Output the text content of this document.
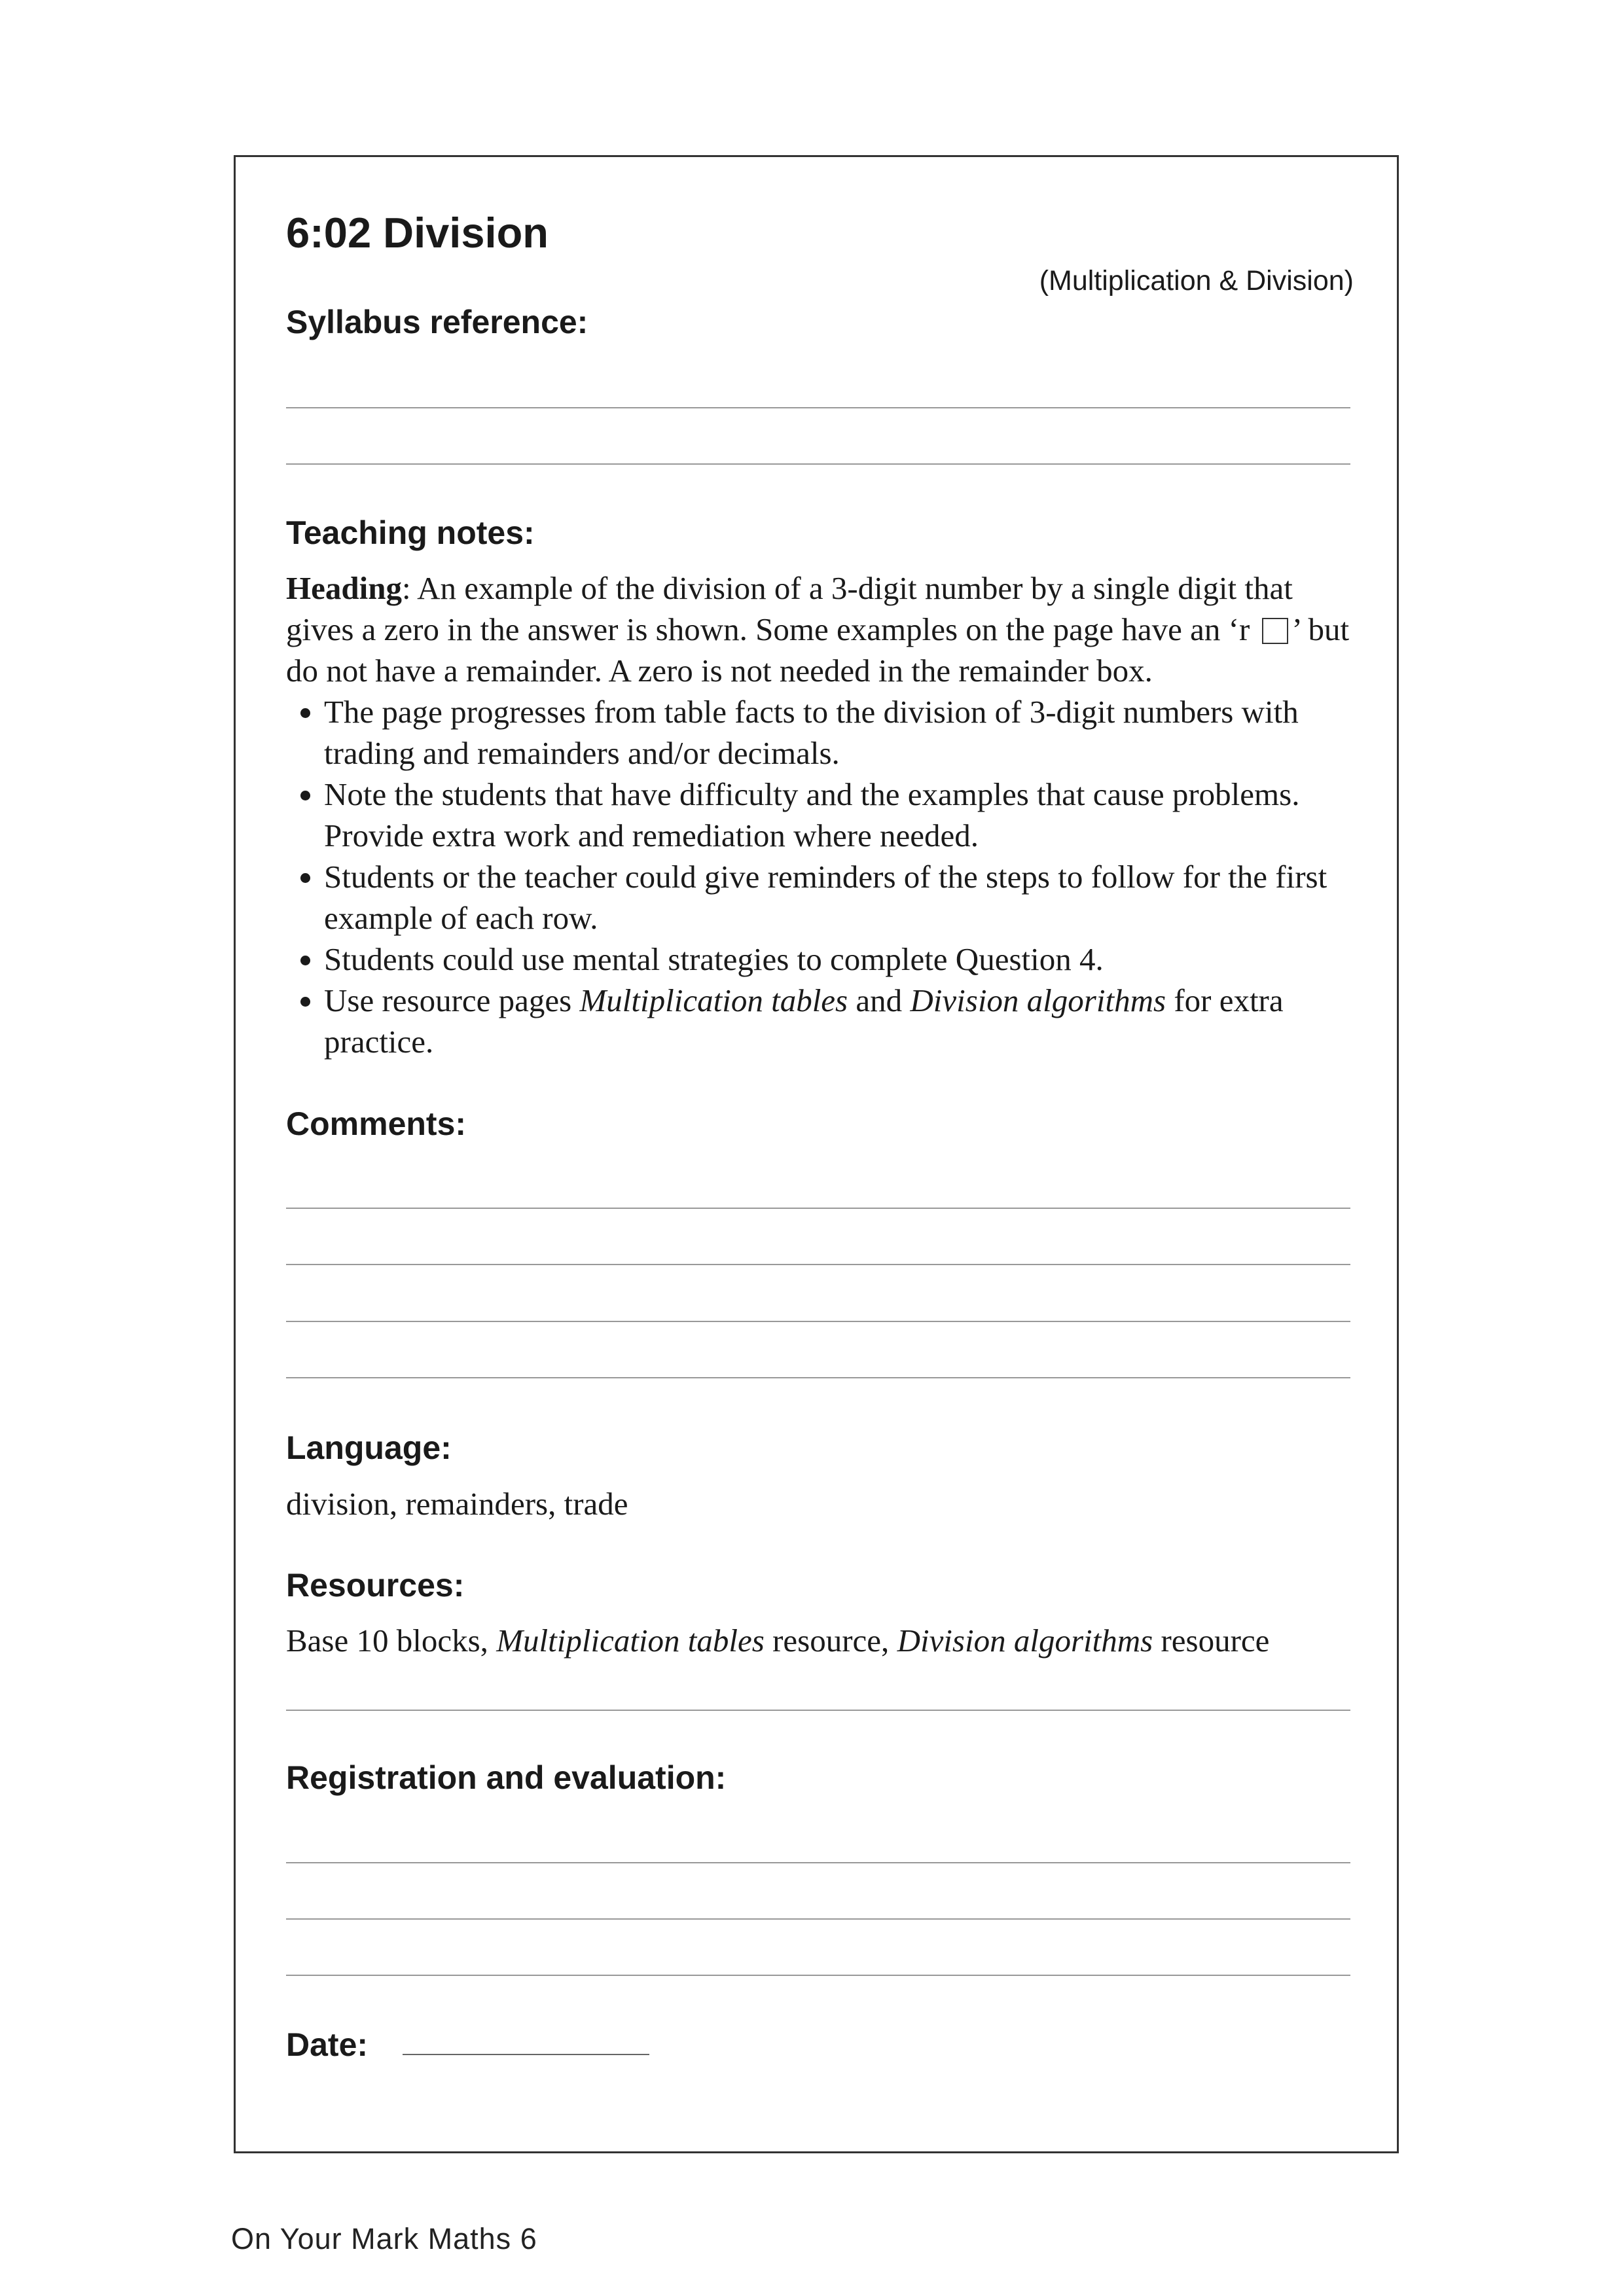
6:02 Division
(Multiplication & Division)
Syllabus reference:
Teaching notes:

Heading: An example of the division of a 3-digit number by a single digit that gives a zero in the answer is shown. Some examples on the page have an ‘r ’ but do not have a remainder. A zero is not needed in the remainder box.

• The page progresses from table facts to the division of 3-digit numbers with trading and remainders and/or decimals.
• Note the students that have difficulty and the examples that cause problems. Provide extra work and remediation where needed.
• Students or the teacher could give reminders of the steps to follow for the first example of each row.
• Students could use mental strategies to complete Question 4.
• Use resource pages Multiplication tables and Division algorithms for extra practice.
Comments:
Language:
division, remainders, trade
Resources:
Base 10 blocks, Multiplication tables resource, Division algorithms resource
Registration and evaluation:
Date:
On Your Mark Maths 6
